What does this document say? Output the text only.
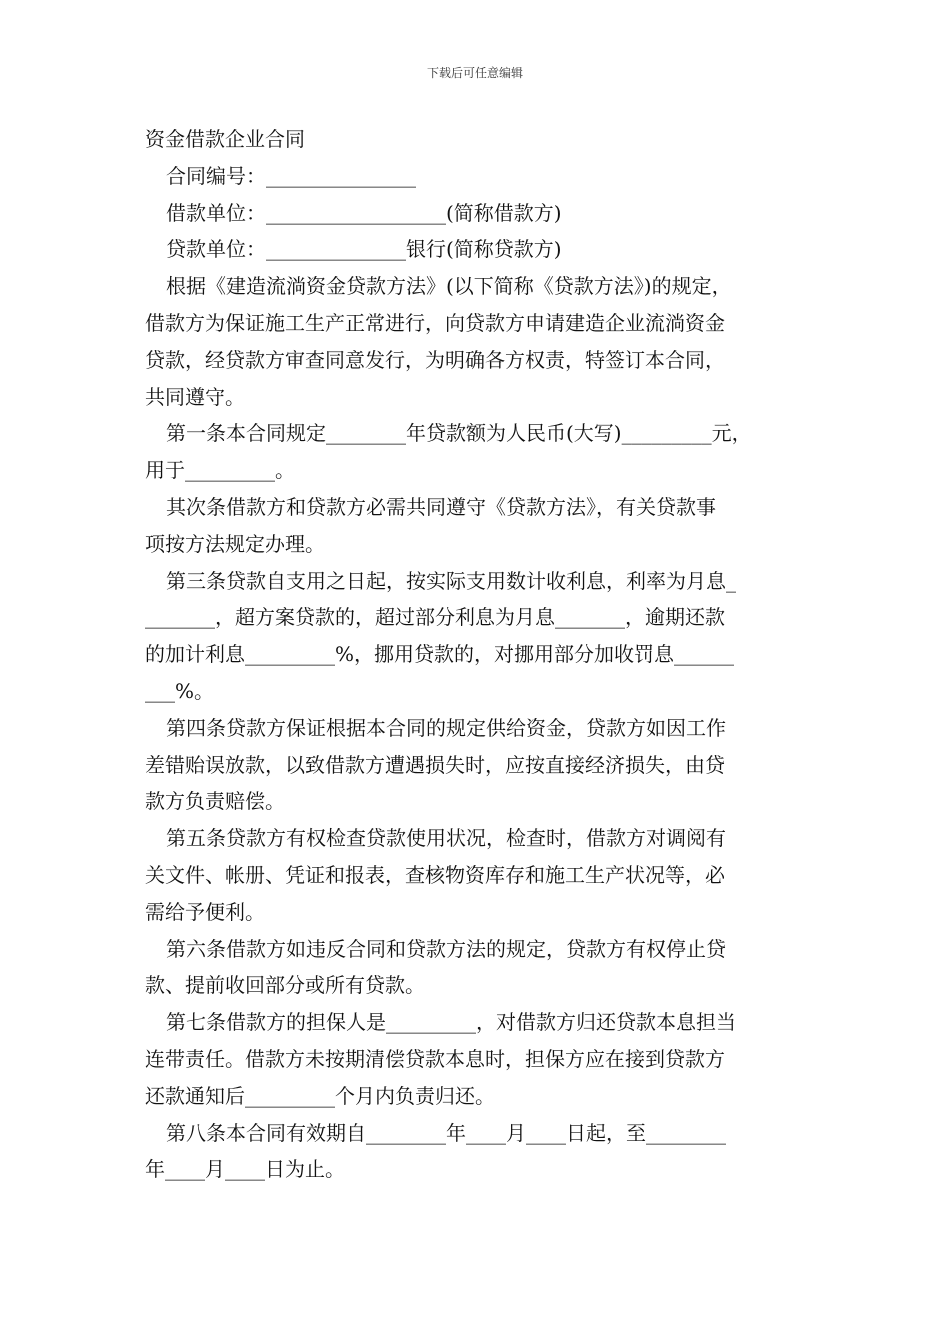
下载后可任意编辑
资金借款企业合同
合同编号：_______________
借款单位：__________________(简称借款方)
贷款单位：______________银行(简称贷款方)
根据《建造流淌资金贷款方法》(以下简称《贷款方法》)的规定，
借款方为保证施工生产正常进行，向贷款方申请建造企业流淌资金
贷款，经贷款方审查同意发行，为明确各方权责，特签订本合同，
共同遵守。
第一条本合同规定________年贷款额为人民币(大写)_________元，
用于_________。
其次条借款方和贷款方必需共同遵守《贷款方法》，有关贷款事
项按方法规定办理。
第三条贷款自支用之日起，按实际支用数计收利息，利率为月息_
_______，超方案贷款的，超过部分利息为月息_______，逾期还款
的加计利息_________%，挪用贷款的，对挪用部分加收罚息______
___%。
第四条贷款方保证根据本合同的规定供给资金，贷款方如因工作
差错贻误放款，以致借款方遭遇损失时，应按直接经济损失，由贷
款方负责赔偿。
第五条贷款方有权检查贷款使用状况，检查时，借款方对调阅有
关文件、帐册、凭证和报表，查核物资库存和施工生产状况等，必
需给予便利。
第六条借款方如违反合同和贷款方法的规定，贷款方有权停止贷
款、提前收回部分或所有贷款。
第七条借款方的担保人是_________，对借款方归还贷款本息担当
连带责任。借款方未按期清偿贷款本息时，担保方应在接到贷款方
还款通知后_________个月内负责归还。
第八条本合同有效期自________年____月____日起，至________
年____月____日为止。
